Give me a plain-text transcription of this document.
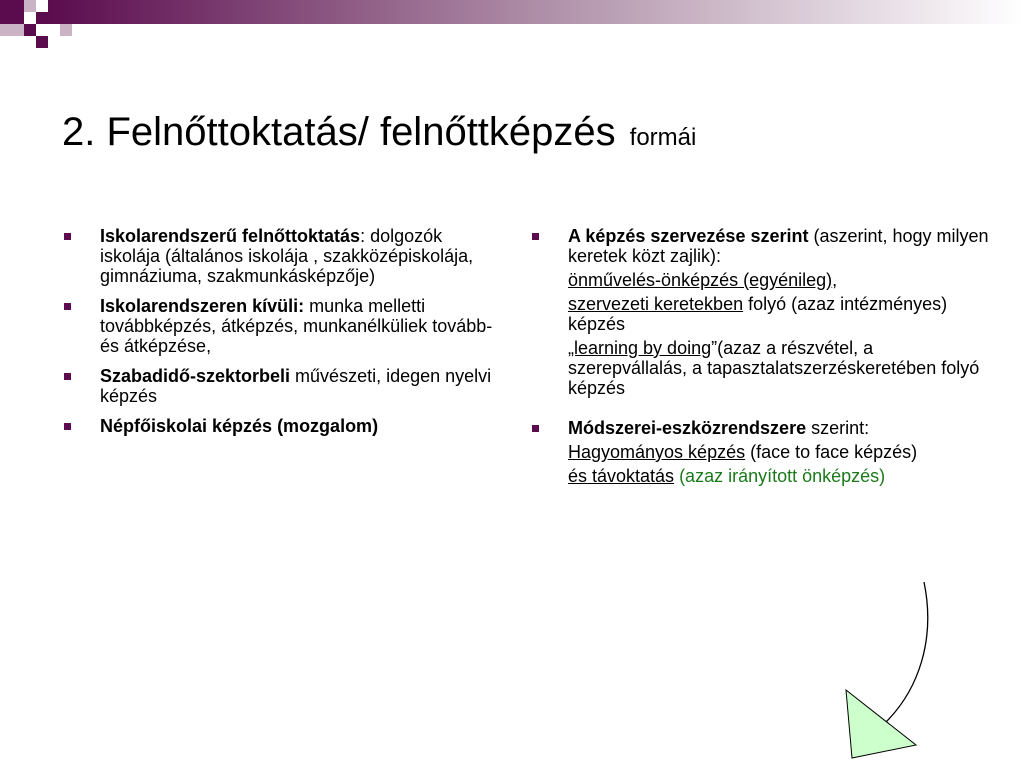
2. Felnőttoktatás/ felnőttképzés formái
Iskolarendszerű felnőttoktatás: dolgozók iskolája (általános iskolája , szakközépiskolája, gimnáziuma, szakmunkásképzője)
Iskolarendszeren kívüli: munka melletti továbbképzés, átképzés, munkanélküliek tovább- és átképzése,
Szabadidő-szektorbeli művészeti, idegen nyelvi képzés
Népfőiskolai képzés (mozgalom)
A képzés szervezése szerint (aszerint, hogy milyen keretek közt zajlik):
önművelés-önképzés (egyénileg),
szervezeti keretekben folyó (azaz intézményes) képzés
„learning by doing”(azaz a részvétel, a szerepvállalás, a tapasztalatszerzéskeretében folyó képzés
Módszerei-eszközrendszere szerint:
Hagyományos képzés (face to face képzés)
és távoktatás (azaz irányított önképzés)
